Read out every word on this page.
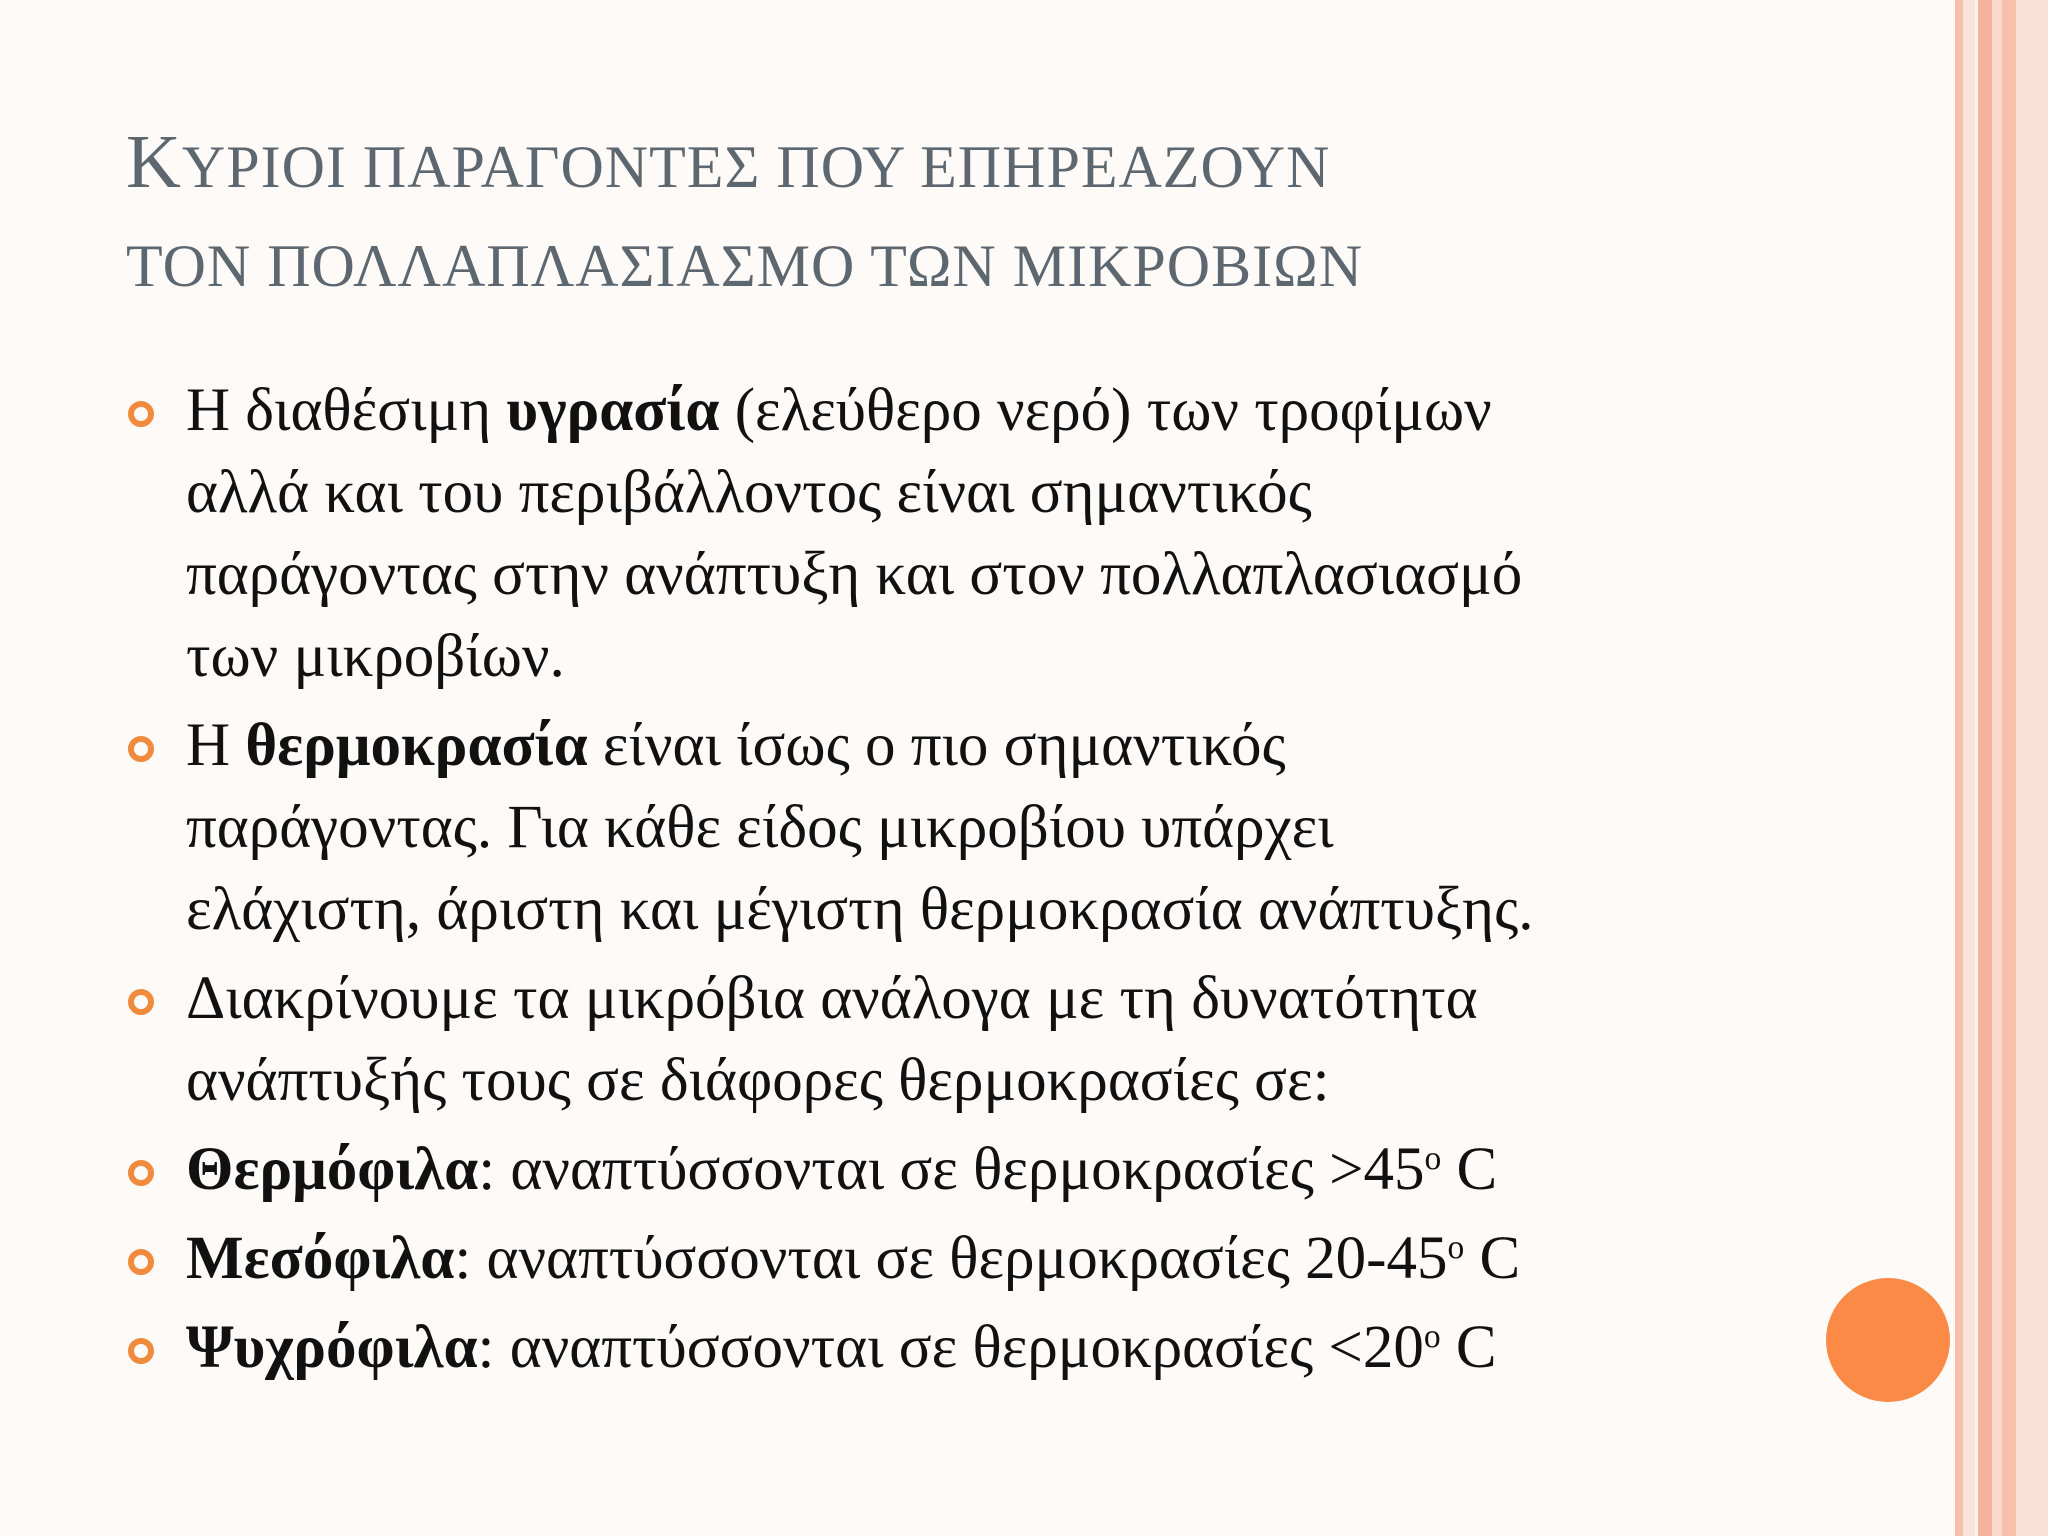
ΚΥΡΙΟΙ ΠΑΡΑΓΟΝΤΕΣ ΠΟΥ ΕΠΗΡΕΑΖΟΥΝ
ΤΟΝ ΠΟΛΛΑΠΛΑΣΙΑΣΜΟ ΤΩΝ ΜΙΚΡΟΒΙΩΝ
Η διαθέσιμη υγρασία (ελεύθερο νερό) των τροφίμων
αλλά και του περιβάλλοντος είναι σημαντικός
παράγοντας στην ανάπτυξη και στον πολλαπλασιασμό
των μικροβίων.
Η θερμοκρασία είναι ίσως ο πιο σημαντικός
παράγοντας. Για κάθε είδος μικροβίου υπάρχει
ελάχιστη, άριστη και μέγιστη θερμοκρασία ανάπτυξης.
Διακρίνουμε τα μικρόβια ανάλογα με τη δυνατότητα
ανάπτυξής τους σε διάφορες θερμοκρασίες σε:
Θερμόφιλα: αναπτύσσονται σε $\theta\varepsilon\rho\mu o\kappa\rho\alpha\sigma ί\varepsilon\varsigma >45^o$ C
Μεσόφιλα: αναπτύσσονται σε θερμοκρασίες $20-45^o$ C
Ψυχρόφιλα: αναπτύσσονται σε $\theta\varepsilon\rho\mu o\kappa\rho\alpha\sigma ί\varepsilon\varsigma <20^o$ C
